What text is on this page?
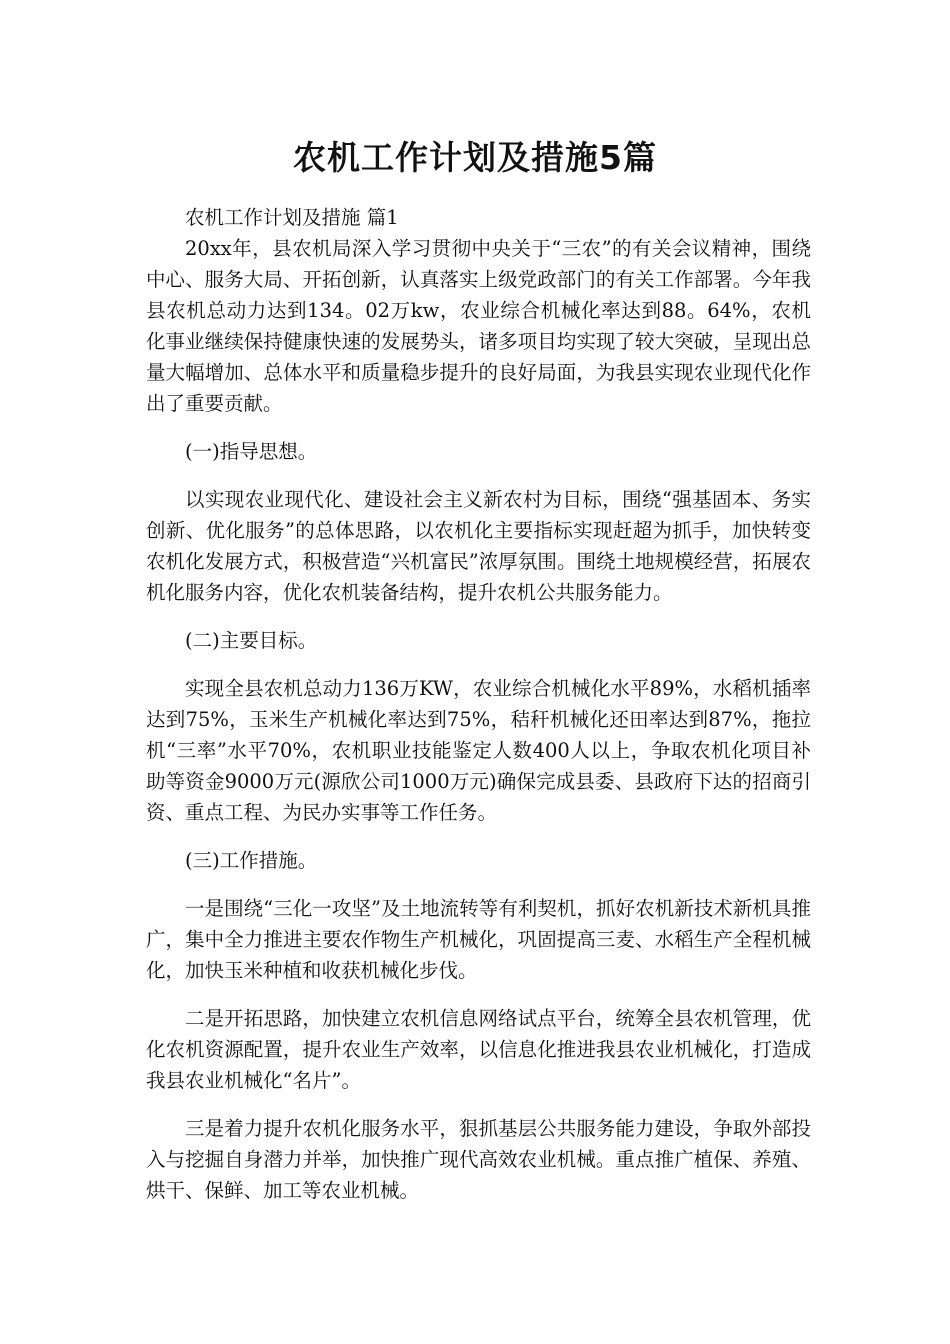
农机工作计划及措施5篇

农机工作计划及措施 篇1

20xx年，县农机局深入学习贯彻中央关于“三农”的有关会议精神，围绕中心、服务大局、开拓创新，认真落实上级党政部门的有关工作部署。今年我县农机总动力达到134。02万kw，农业综合机械化率达到88。64%，农机化事业继续保持健康快速的发展势头，诸多项目均实现了较大突破，呈现出总量大幅增加、总体水平和质量稳步提升的良好局面，为我县实现农业现代化作出了重要贡献。

(一)指导思想。

以实现农业现代化、建设社会主义新农村为目标，围绕“强基固本、务实创新、优化服务”的总体思路，以农机化主要指标实现赶超为抓手，加快转变农机化发展方式，积极营造“兴机富民”浓厚氛围。围绕土地规模经营，拓展农机化服务内容，优化农机装备结构，提升农机公共服务能力。

(二)主要目标。

实现全县农机总动力136万KW，农业综合机械化水平89%，水稻机插率达到75%，玉米生产机械化率达到75%，秸秆机械化还田率达到87%，拖拉机“三率”水平70%，农机职业技能鉴定人数400人以上，争取农机化项目补助等资金9000万元(源欣公司1000万元)确保完成县委、县政府下达的招商引资、重点工程、为民办实事等工作任务。

(三)工作措施。

一是围绕“三化一攻坚”及土地流转等有利契机，抓好农机新技术新机具推广，集中全力推进主要农作物生产机械化，巩固提高三麦、水稻生产全程机械化，加快玉米种植和收获机械化步伐。

二是开拓思路，加快建立农机信息网络试点平台，统筹全县农机管理，优化农机资源配置，提升农业生产效率，以信息化推进我县农业机械化，打造成我县农业机械化“名片”。

三是着力提升农机化服务水平，狠抓基层公共服务能力建设，争取外部投入与挖掘自身潜力并举，加快推广现代高效农业机械。重点推广植保、养殖、烘干、保鲜、加工等农业机械。
